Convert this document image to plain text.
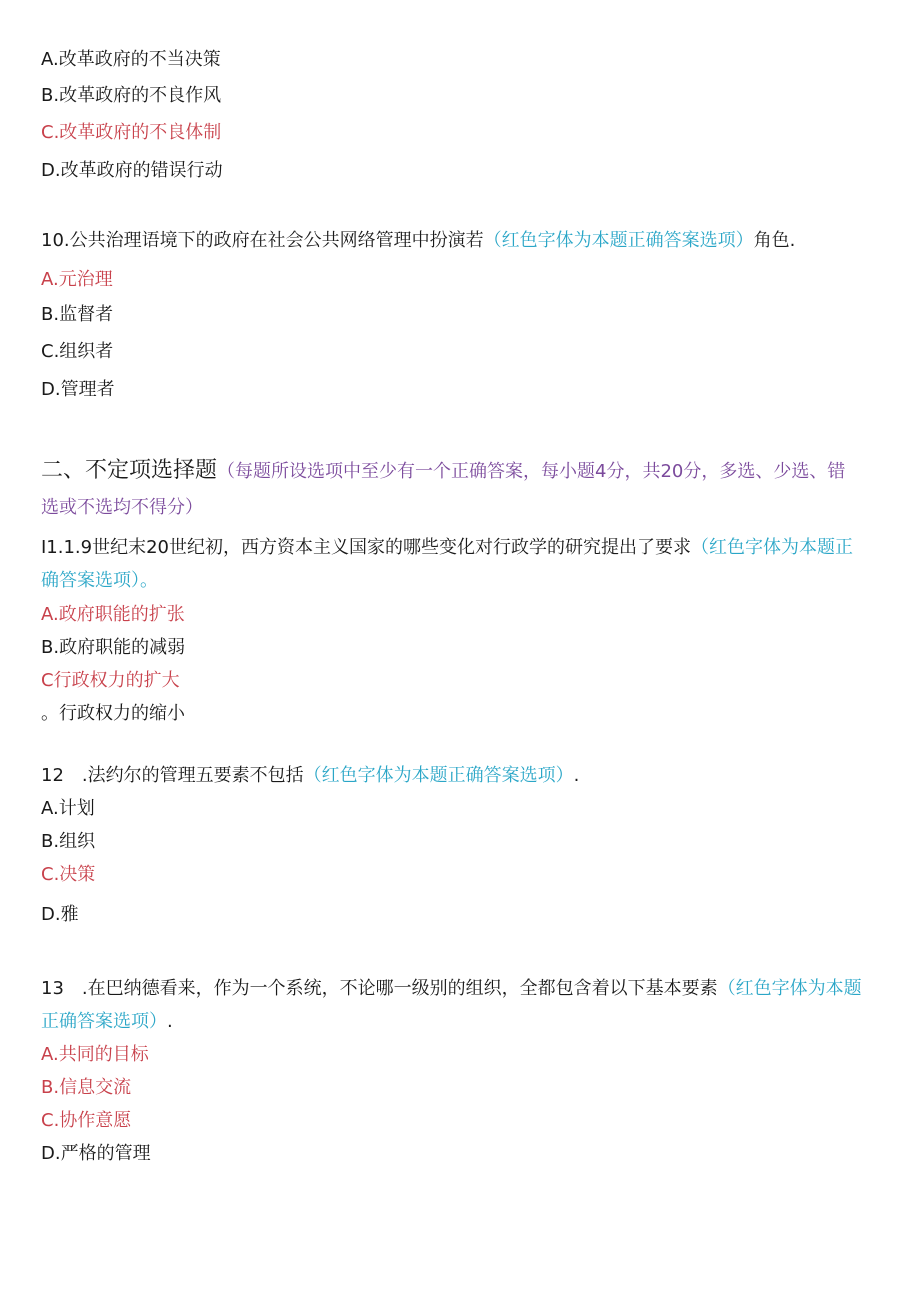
A.改革政府的不当决策
B.改革政府的不良作风
C.改革政府的不良体制
D.改革政府的错误行动
10.公共治理语境下的政府在社会公共网络管理中扮演若（红色字体为本题正确答案选项）角色.
A.元治理
B.监督者
C.组织者
D.管理者
二、不定项选择题（每题所设选项中至少有一个正确答案，每小题4分，共20分，多选、少选、错
选或不选均不得分）
I1.1.9世纪末20世纪初，西方资本主义国家的哪些变化对行政学的研究提出了要求（红色字体为本题正
确答案选项）。
A.政府职能的扩张
B.政府职能的减弱
C行政权力的扩大
。行政权力的缩小
12　.法约尔的管理五要素不包括（红色字体为本题正确答案选项）.
A.计划
B.组织
C.决策
D.雅
13　.在巴纳德看来，作为一个系统，不论哪一级别的组织，全都包含着以下基本要素（红色字体为本题
正确答案选项）.
A.共同的目标
B.信息交流
C.协作意愿
D.严格的管理
